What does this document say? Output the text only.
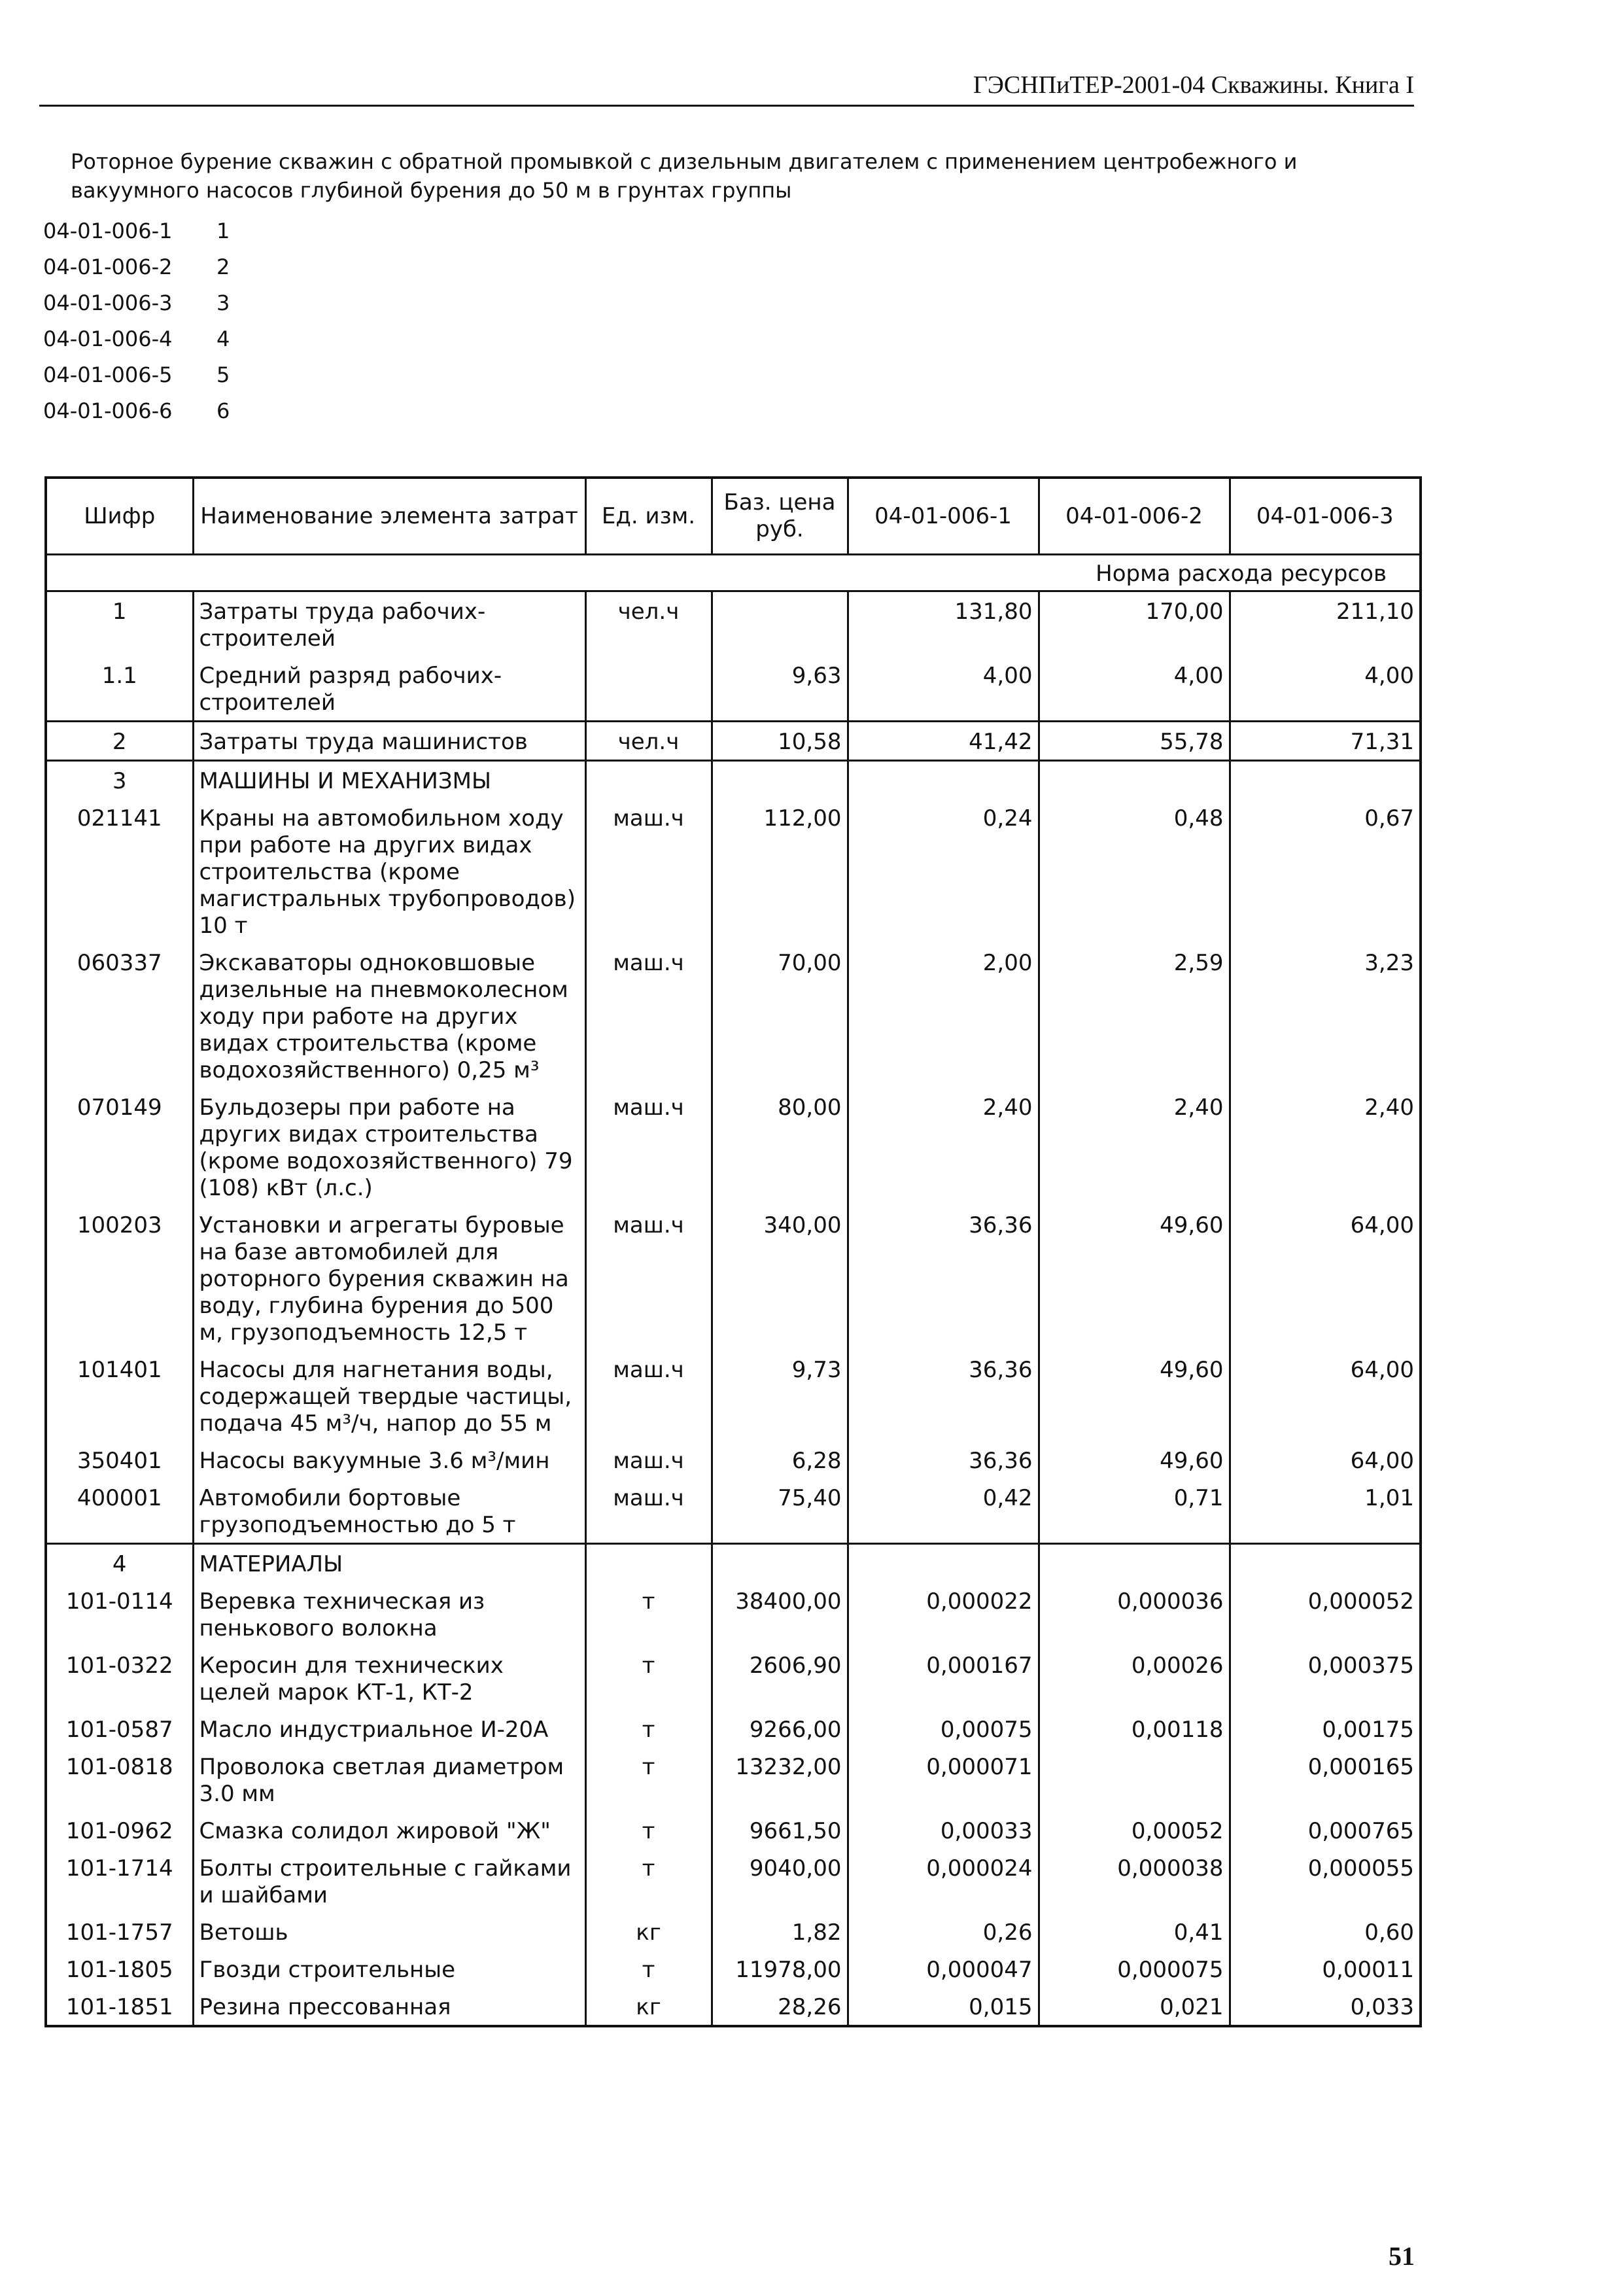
ГЭСНПиТЕР-2001-04 Скважины. Книга I
Роторное бурение скважин с обратной промывкой с дизельным двигателем с применением центробежного и вакуумного насосов глубиной бурения до 50 м в грунтах группы
04-01-006-1 1
04-01-006-2 2
04-01-006-3 3
04-01-006-4 4
04-01-006-5 5
04-01-006-6 6
Шифр	Наименование элемента затрат	Ед. изм.	Баз. цена руб.	04-01-006-1	04-01-006-2	04-01-006-3
Норма расхода ресурсов						
1	Затраты труда рабочих-строителей	чел.ч		131,80	170,00	211,10
1.1	Средний разряд рабочих-строителей		9,63	4,00	4,00	4,00
2	Затраты труда машинистов	чел.ч	10,58	41,42	55,78	71,31
3	МАШИНЫ И МЕХАНИЗМЫ					
021141	Краны на автомобильном ходу при работе на других видах строительства (кроме магистральных трубопроводов) 10 т	маш.ч	112,00	0,24	0,48	0,67
060337	Экскаваторы одноковшовые дизельные на пневмоколесном ходу при работе на других видах строительства (кроме водохозяйственного) 0,25 м³	маш.ч	70,00	2,00	2,59	3,23
070149	Бульдозеры при работе на других видах строительства (кроме водохозяйственного) 79 (108) кВт (л.с.)	маш.ч	80,00	2,40	2,40	2,40
100203	Установки и агрегаты буровые на базе автомобилей для роторного бурения скважин на воду, глубина бурения до 500 м, грузоподъемность 12,5 т	маш.ч	340,00	36,36	49,60	64,00
101401	Насосы для нагнетания воды, содержащей твердые частицы, подача 45 м³/ч, напор до 55 м	маш.ч	9,73	36,36	49,60	64,00
350401	Насосы вакуумные 3.6 м³/мин	маш.ч	6,28	36,36	49,60	64,00
400001	Автомобили бортовые грузоподъемностью до 5 т	маш.ч	75,40	0,42	0,71	1,01
4	МАТЕРИАЛЫ					
101-0114	Веревка техническая из пенькового волокна	т	38400,00	0,000022	0,000036	0,000052
101-0322	Керосин для технических целей марок КТ-1, КТ-2	т	2606,90	0,000167	0,00026	0,000375
101-0587	Масло индустриальное И-20А	т	9266,00	0,00075	0,00118	0,00175
101-0818	Проволока светлая диаметром 3.0 мм	т	13232,00	0,000071		0,000165
101-0962	Смазка солидол жировой "Ж"	т	9661,50	0,00033	0,00052	0,000765
101-1714	Болты строительные с гайками и шайбами	т	9040,00	0,000024	0,000038	0,000055
101-1757	Ветошь	кг	1,82	0,26	0,41	0,60
101-1805	Гвозди строительные	т	11978,00	0,000047	0,000075	0,00011
101-1851	Резина прессованная	кг	28,26	0,015	0,021	0,033
51
